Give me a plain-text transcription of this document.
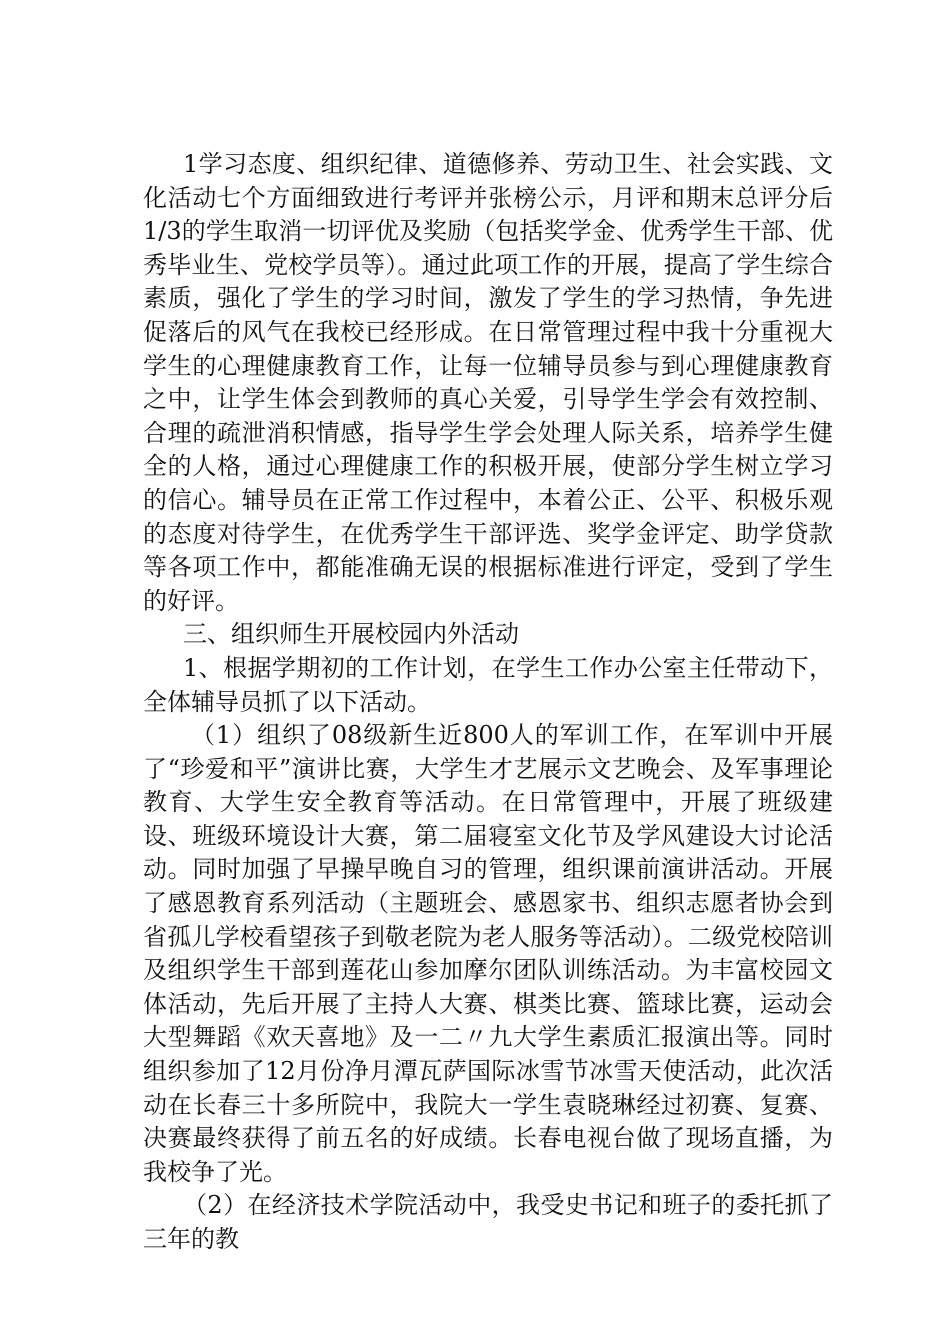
1学习态度、组织纪律、道德修养、劳动卫生、社会实践、文化活动七个方面细致进行考评并张榜公示，月评和期末总评分后1/3的学生取消一切评优及奖励（包括奖学金、优秀学生干部、优秀毕业生、党校学员等）。通过此项工作的开展，提高了学生综合素质，强化了学生的学习时间，激发了学生的学习热情，争先进促落后的风气在我校已经形成。在日常管理过程中我十分重视大学生的心理健康教育工作，让每一位辅导员参与到心理健康教育之中，让学生体会到教师的真心关爱，引导学生学会有效控制、合理的疏泄消积情感，指导学生学会处理人际关系，培养学生健全的人格，通过心理健康工作的积极开展，使部分学生树立学习的信心。辅导员在正常工作过程中，本着公正、公平、积极乐观的态度对待学生，在优秀学生干部评选、奖学金评定、助学贷款等各项工作中，都能准确无误的根据标准进行评定，受到了学生的好评。

三、组织师生开展校园内外活动

1、根据学期初的工作计划，在学生工作办公室主任带动下，全体辅导员抓了以下活动。

（1）组织了08级新生近800人的军训工作，在军训中开展了“珍爱和平”演讲比赛，大学生才艺展示文艺晚会、及军事理论教育、大学生安全教育等活动。在日常管理中，开展了班级建设、班级环境设计大赛，第二届寝室文化节及学风建设大讨论活动。同时加强了早操早晚自习的管理，组织课前演讲活动。开展了感恩教育系列活动（主题班会、感恩家书、组织志愿者协会到省孤儿学校看望孩子到敬老院为老人服务等活动）。二级党校陪训及组织学生干部到莲花山参加摩尔团队训练活动。为丰富校园文体活动，先后开展了主持人大赛、棋类比赛、篮球比赛，运动会大型舞蹈《欢天喜地》及一二〃九大学生素质汇报演出等。同时组织参加了12月份净月潭瓦萨国际冰雪节冰雪天使活动，此次活动在长春三十多所院中，我院大一学生袁晓琳经过初赛、复赛、决赛最终获得了前五名的好成绩。长春电视台做了现场直播，为我校争了光。

（2）在经济技术学院活动中，我受史书记和班子的委托抓了三年的教
